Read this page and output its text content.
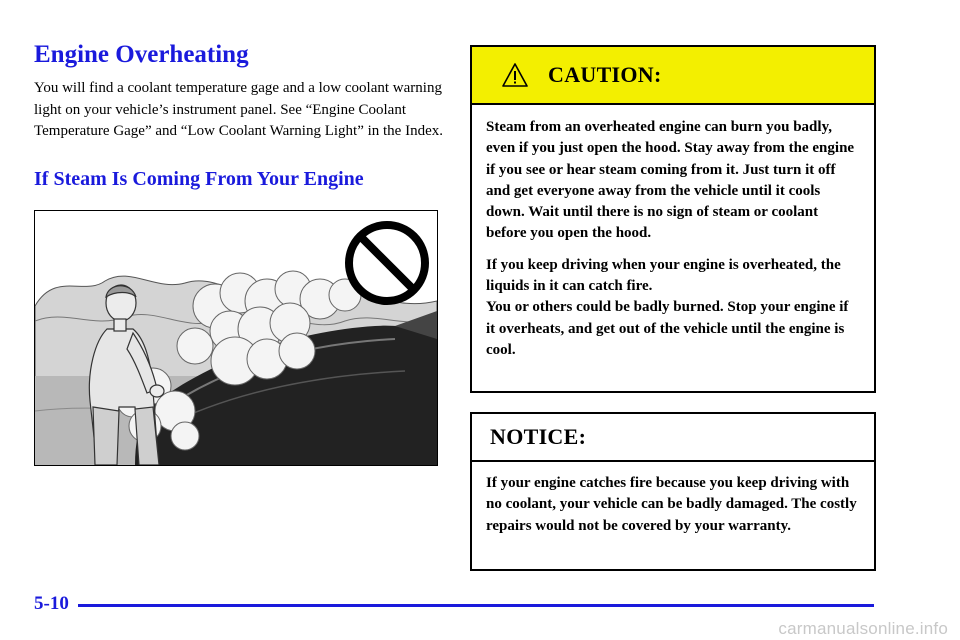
Engine Overheating

You will find a coolant temperature gage and a low coolant warning light on your vehicle’s instrument panel. See “Engine Coolant Temperature Gage” and “Low Coolant Warning Light” in the Index.

If Steam Is Coming From Your Engine
CAUTION:

Steam from an overheated engine can burn you badly, even if you just open the hood. Stay away from the engine if you see or hear steam coming from it. Just turn it off and get everyone away from the vehicle until it cools down. Wait until there is no sign of steam or coolant before you open the hood.

If you keep driving when your engine is overheated, the liquids in it can catch fire.

You or others could be badly burned. Stop your engine if it overheats, and get out of the vehicle until the engine is cool.

NOTICE:

If your engine catches fire because you keep driving with no coolant, your vehicle can be badly damaged. The costly repairs would not be covered by your warranty.

5-10
carmanualsonline.info
